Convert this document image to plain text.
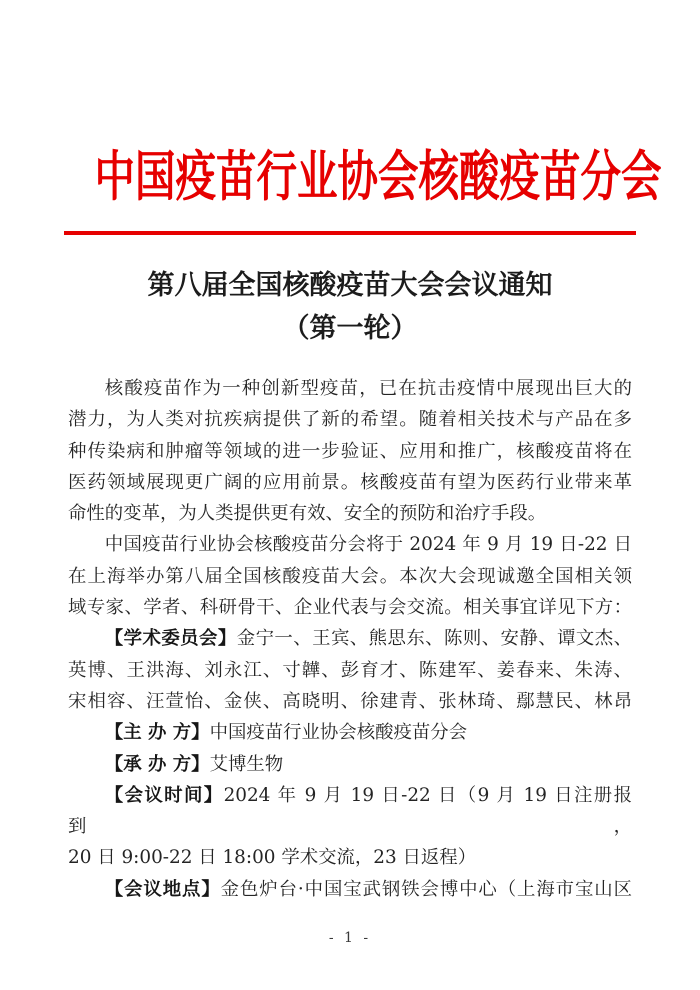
中国疫苗行业协会核酸疫苗分会
第八届全国核酸疫苗大会会议通知
（第一轮）
核酸疫苗作为一种创新型疫苗，已在抗击疫情中展现出巨大的
潜力，为人类对抗疾病提供了新的希望。随着相关技术与产品在多
种传染病和肿瘤等领域的进一步验证、应用和推广，核酸疫苗将在
医药领域展现更广阔的应用前景。核酸疫苗有望为医药行业带来革
命性的变革，为人类提供更有效、安全的预防和治疗手段。
中国疫苗行业协会核酸疫苗分会将于 2024 年 9 月 19 日-22 日
在上海举办第八届全国核酸疫苗大会。本次大会现诚邀全国相关领
域专家、学者、科研骨干、企业代表与会交流。相关事宜详见下方：
【学术委员会】金宁一、王宾、熊思东、陈则、安静、谭文杰、
英博、王洪海、刘永江、寸韡、彭育才、陈建军、姜春来、朱涛、
宋相容、汪萱怡、金侠、高晓明、徐建青、张林琦、鄢慧民、林昂
【主 办 方】中国疫苗行业协会核酸疫苗分会
【承 办 方】艾博生物
【会议时间】2024 年 9 月 19 日-22 日（9 月 19 日注册报到，
20 日 9:00-22 日 18:00 学术交流，23 日返程）
【会议地点】金色炉台·中国宝武钢铁会博中心（上海市宝山区
- 1 -
